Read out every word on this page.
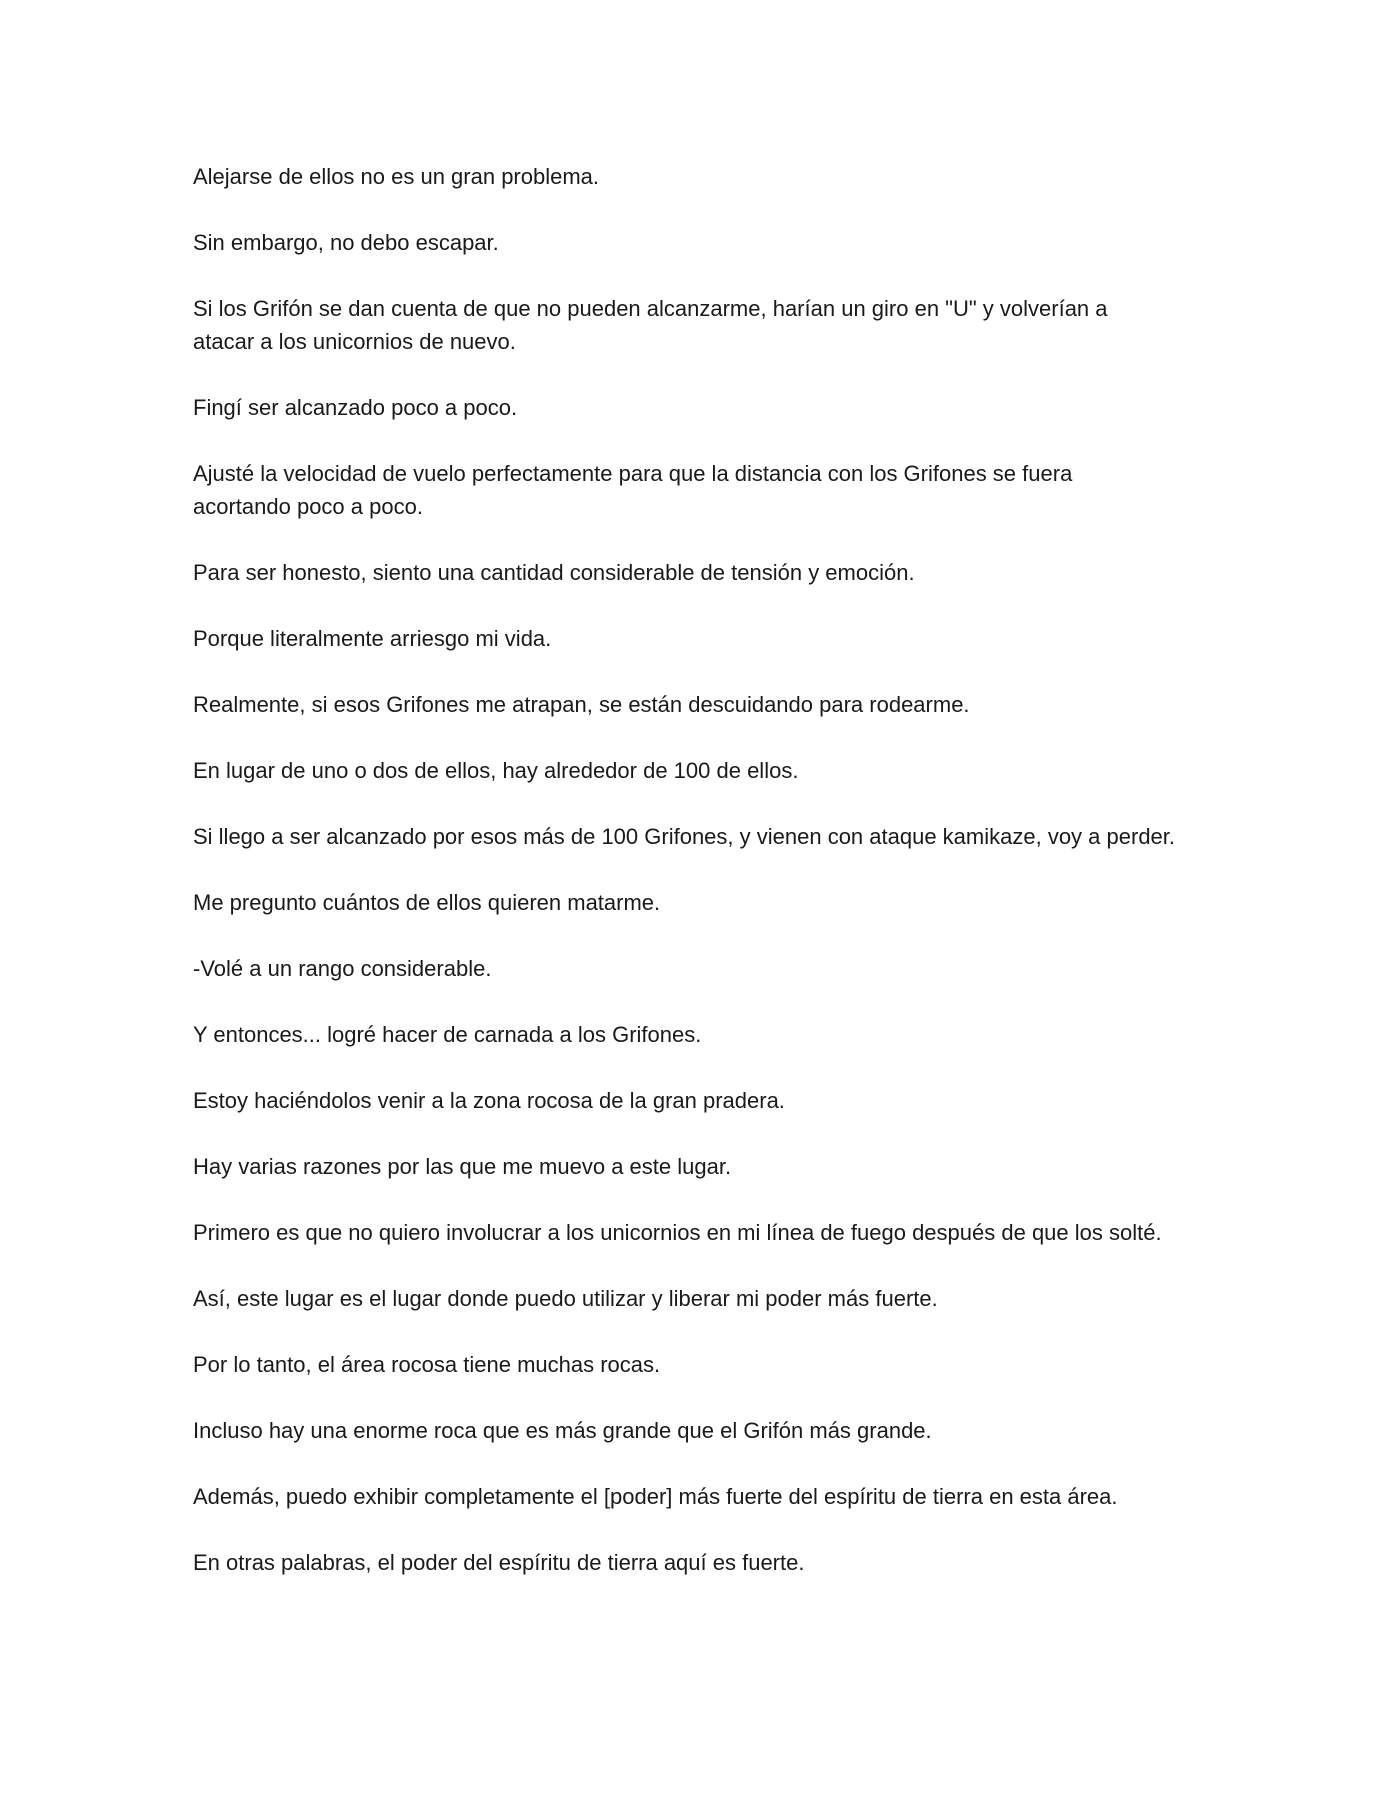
Alejarse de ellos no es un gran problema.

Sin embargo, no debo escapar.

Si los Grifón se dan cuenta de que no pueden alcanzarme, harían un giro en "U" y volverían a atacar a los unicornios de nuevo.

Fingí ser alcanzado poco a poco.

Ajusté la velocidad de vuelo perfectamente para que la distancia con los Grifones se fuera acortando poco a poco.

Para ser honesto, siento una cantidad considerable de tensión y emoción.

Porque literalmente arriesgo mi vida.

Realmente, si esos Grifones me atrapan, se están descuidando para rodearme.

En lugar de uno o dos de ellos, hay alrededor de 100 de ellos.

Si llego a ser alcanzado por esos más de 100 Grifones, y vienen con ataque kamikaze, voy a perder.

Me pregunto cuántos de ellos quieren matarme.

-Volé a un rango considerable.

Y entonces... logré hacer de carnada a los Grifones.

Estoy haciéndolos venir a la zona rocosa de la gran pradera.

Hay varias razones por las que me muevo a este lugar.

Primero es que no quiero involucrar a los unicornios en mi línea de fuego después de que los solté.

Así, este lugar es el lugar donde puedo utilizar y liberar mi poder más fuerte.

Por lo tanto, el área rocosa tiene muchas rocas.

Incluso hay una enorme roca que es más grande que el Grifón más grande.

Además, puedo exhibir completamente el [poder] más fuerte del espíritu de tierra en esta área.

En otras palabras, el poder del espíritu de tierra aquí es fuerte.
